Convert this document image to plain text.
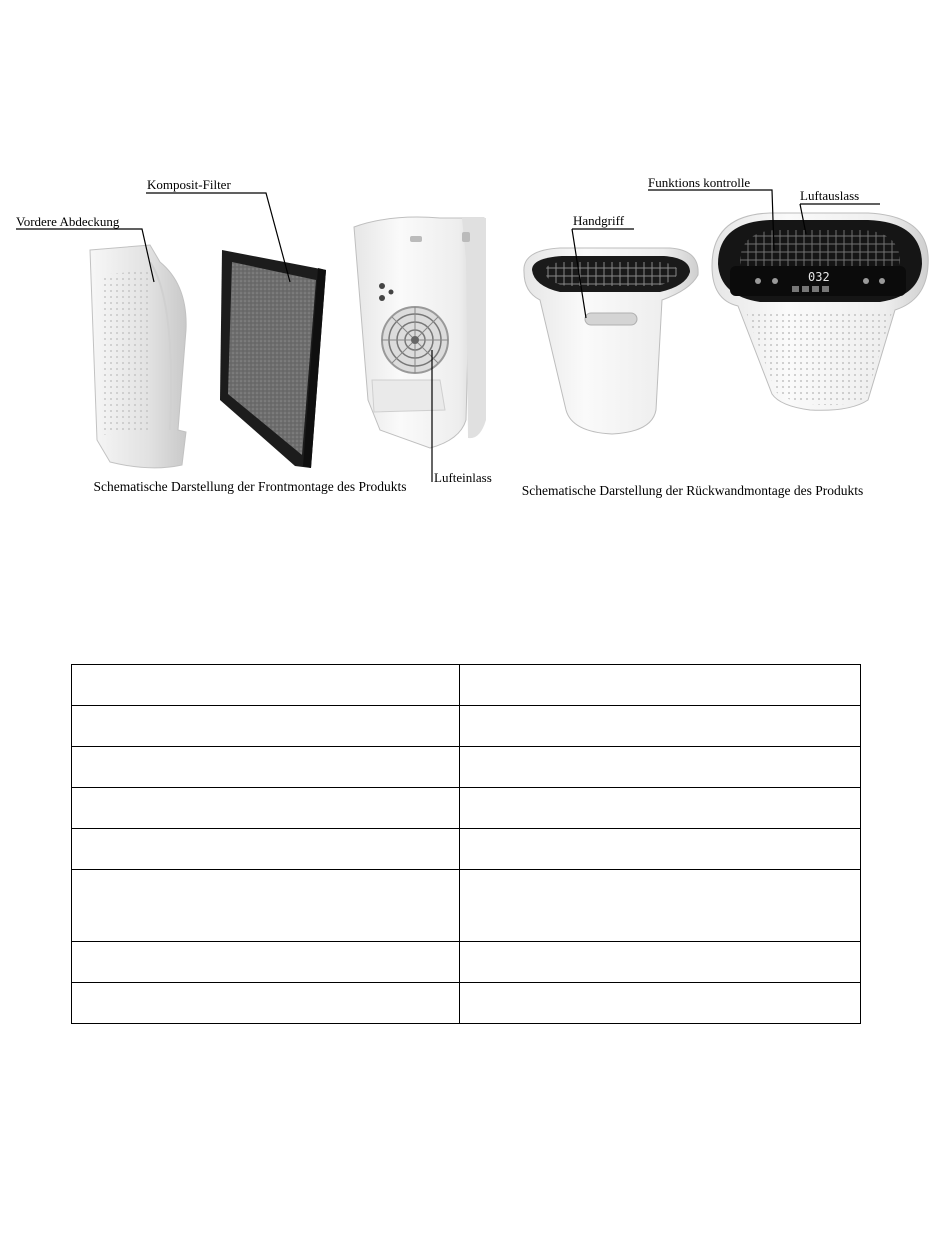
032
Vordere Abdeckung
Komposit-Filter
Lufteinlass
Handgriff
Funktions kontrolle
Luftauslass
Schematische Darstellung der Frontmontage des Produkts	Schematische Darstellung der Rückwandmontage des Produkts
